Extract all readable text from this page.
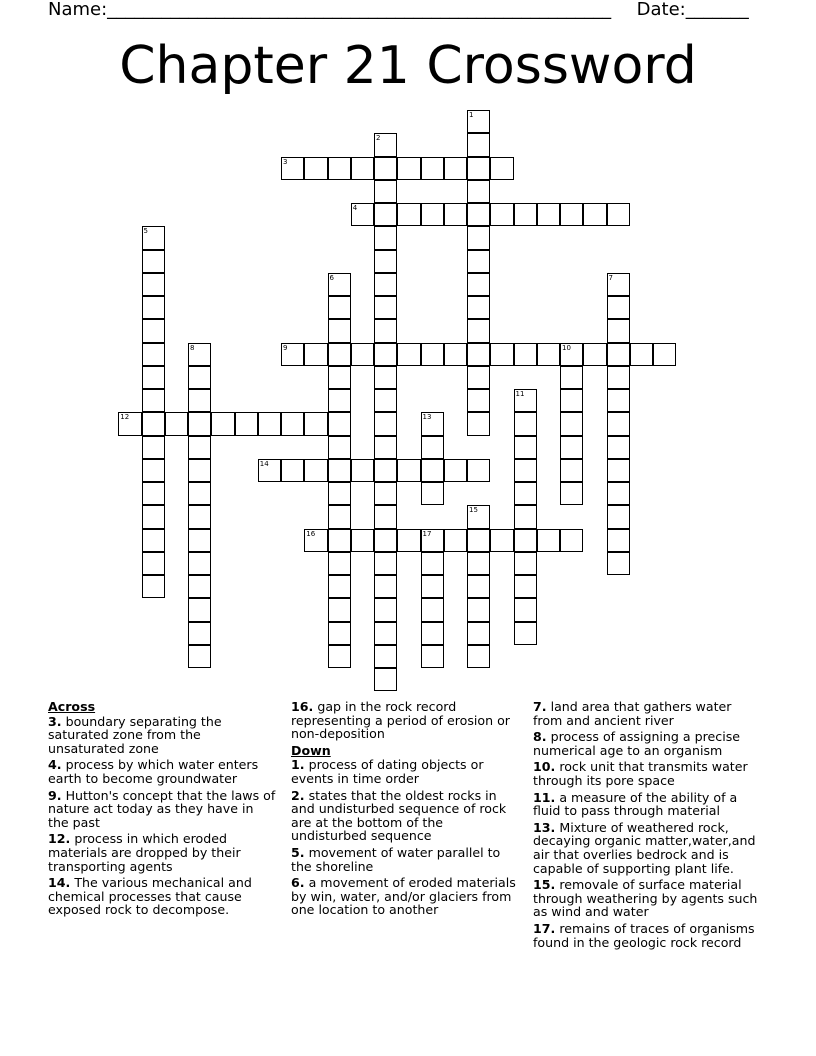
Name:________________________________________________________ Date:_______
Chapter 21 Crossword
1
2
3
4
5
6	7
8	9	10
11
12	13
14
15
16	17
Across
3. boundary separating the saturated zone from the unsaturated zone
4. process by which water enters earth to become groundwater
9. Hutton's concept that the laws of nature act today as they have in the past
12. process in which eroded materials are dropped by their transporting agents
14. The various mechanical and chemical processes that cause exposed rock to decompose.
16. gap in the rock record representing a period of erosion or non-deposition
Down
1. process of dating objects or events in time order
2. states that the oldest rocks in and undisturbed sequence of rock are at the bottom of the undisturbed sequence
5. movement of water parallel to the shoreline
6. a movement of eroded materials by win, water, and/or glaciers from one location to another
7. land area that gathers water from and ancient river
8. process of assigning a precise numerical age to an organism
10. rock unit that transmits water through its pore space
11. a measure of the ability of a fluid to pass through material
13. Mixture of weathered rock, decaying organic matter,water,and air that overlies bedrock and is capable of supporting plant life.
15. removale of surface material through weathering by agents such as wind and water
17. remains of traces of organisms found in the geologic rock record
